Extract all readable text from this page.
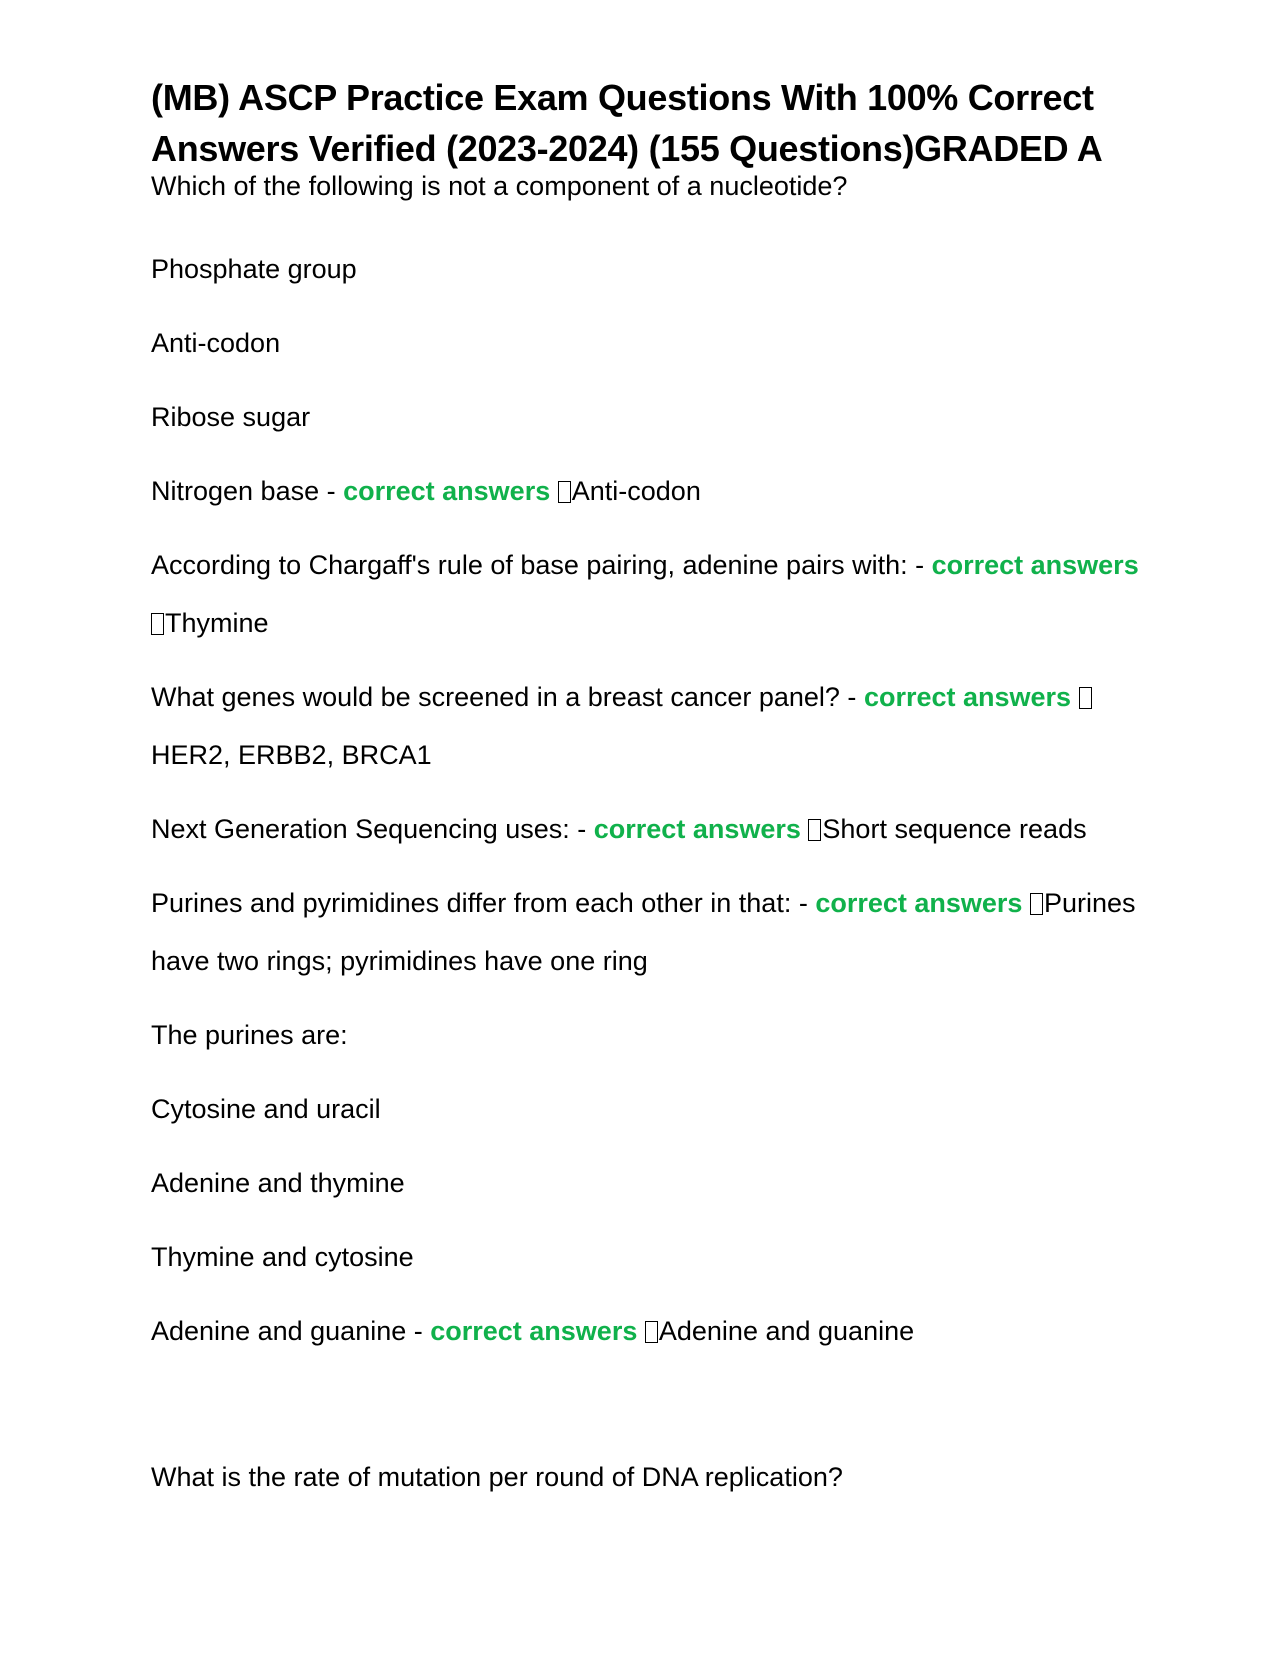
(MB) ASCP Practice Exam Questions With 100% Correct Answers Verified (2023-2024) (155 Questions)GRADED A

Which of the following is not a component of a nucleotide?

Phosphate group

Anti-codon

Ribose sugar

Nitrogen base - correct answers Anti-codon

According to Chargaff's rule of base pairing, adenine pairs with: - correct answers Thymine

What genes would be screened in a breast cancer panel? - correct answers HER2, ERBB2, BRCA1

Next Generation Sequencing uses: - correct answers Short sequence reads

Purines and pyrimidines differ from each other in that: - correct answers Purines have two rings; pyrimidines have one ring

The purines are:

Cytosine and uracil

Adenine and thymine

Thymine and cytosine

Adenine and guanine - correct answers Adenine and guanine

What is the rate of mutation per round of DNA replication?
